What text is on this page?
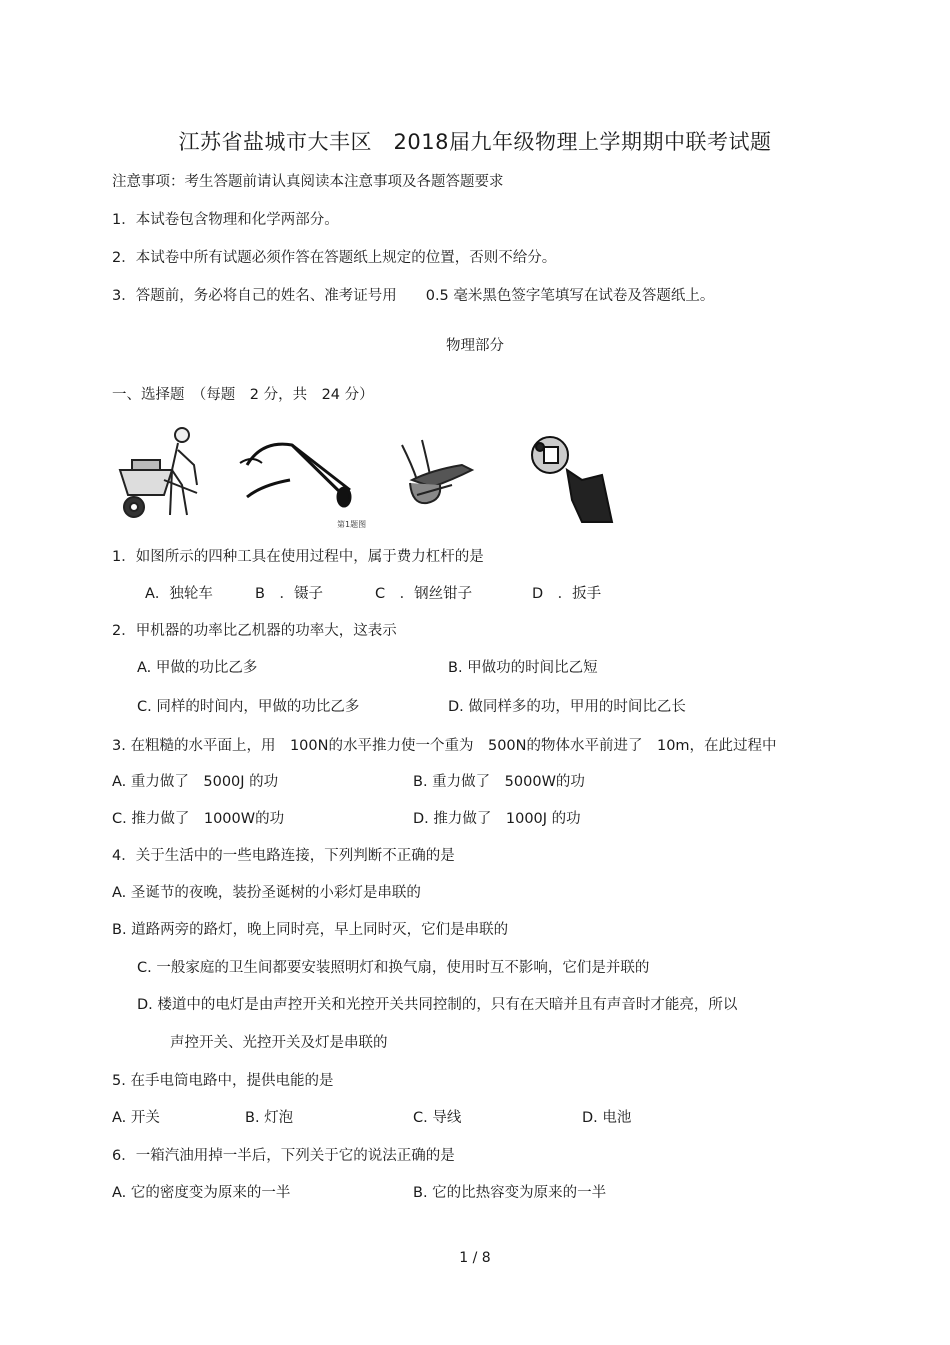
江苏省盐城市大丰区　2018届九年级物理上学期期中联考试题
注意事项：考生答题前请认真阅读本注意事项及各题答题要求
1．本试卷包含物理和化学两部分。
2．本试卷中所有试题必须作答在答题纸上规定的位置，否则不给分。
3．答题前，务必将自己的姓名、准考证号用　　0.5 毫米黑色签字笔填写在试卷及答题纸上。
物理部分
一、选择题　（每题　2 分，共　24 分）
第1题图
1．如图所示的四种工具在使用过程中，属于费力杠杆的是
A．独轮车	B　．镊子	C　．钢丝钳子	D　．扳手
2．甲机器的功率比乙机器的功率大，这表示
A. 甲做的功比乙多	B. 甲做功的时间比乙短
C. 同样的时间内，甲做的功比乙多	D. 做同样多的功，甲用的时间比乙长
3. 在粗糙的水平面上，用　100N的水平推力使一个重为　500N的物体水平前进了　10m，在此过程中
A. 重力做了　5000J 的功	B. 重力做了　5000W的功
C. 推力做了　1000W的功	D. 推力做了　1000J 的功
4．关于生活中的一些电路连接，下列判断不正确的是
A. 圣诞节的夜晚，装扮圣诞树的小彩灯是串联的
B. 道路两旁的路灯，晚上同时亮，早上同时灭，它们是串联的
C. 一般家庭的卫生间都要安装照明灯和换气扇，使用时互不影响，它们是并联的
D. 楼道中的电灯是由声控开关和光控开关共同控制的，只有在天暗并且有声音时才能亮，所以
声控开关、光控开关及灯是串联的
5. 在手电筒电路中，提供电能的是
A. 开关	B. 灯泡	C. 导线	D. 电池
6．一箱汽油用掉一半后，下列关于它的说法正确的是
A. 它的密度变为原来的一半	B. 它的比热容变为原来的一半
1 / 8
